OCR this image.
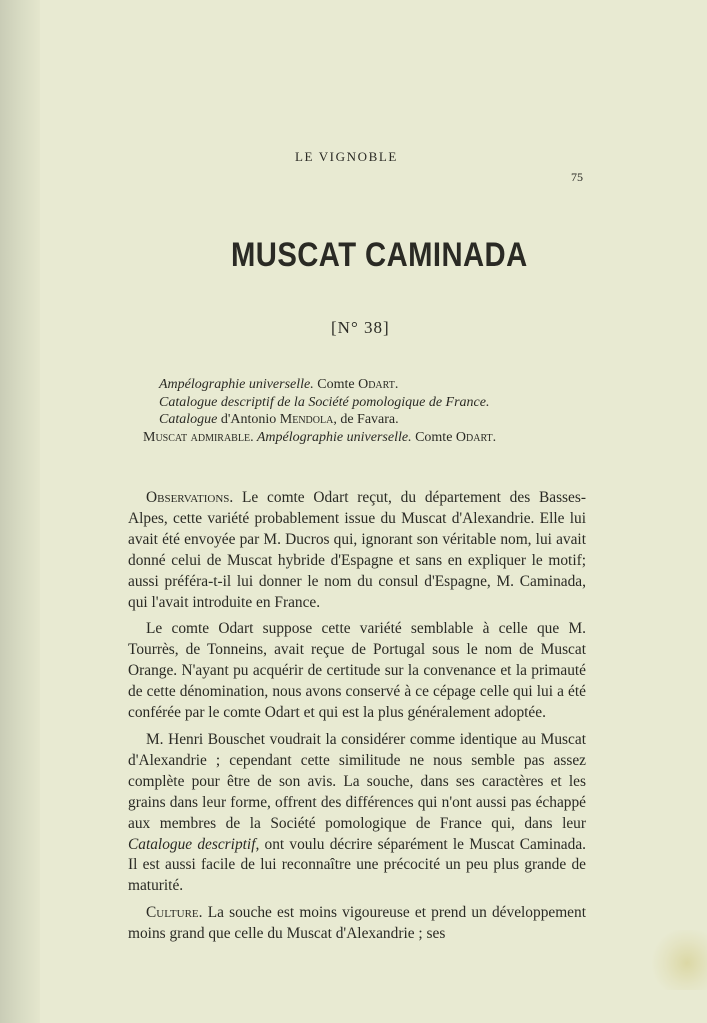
LE VIGNOBLE
75
MUSCAT CAMINADA
[N° 38]
Ampélographie universelle. Comte Odart.
Catalogue descriptif de la Société pomologique de France.
Catalogue d'Antonio Mendola, de Favara.
Muscat admirable. Ampélographie universelle. Comte Odart.

Observations. Le comte Odart reçut, du département des Basses-Alpes, cette variété probablement issue du Muscat d'Alexandrie. Elle lui avait été envoyée par M. Ducros qui, ignorant son véritable nom, lui avait donné celui de Muscat hybride d'Espagne et sans en expliquer le motif; aussi préféra-t-il lui donner le nom du consul d'Espagne, M. Caminada, qui l'avait introduite en France.

Le comte Odart suppose cette variété semblable à celle que M. Tourrès, de Tonneins, avait reçue de Portugal sous le nom de Muscat Orange. N'ayant pu acquérir de certitude sur la convenance et la primauté de cette dénomination, nous avons conservé à ce cépage celle qui lui a été conférée par le comte Odart et qui est la plus généralement adoptée.

M. Henri Bouschet voudrait la considérer comme identique au Muscat d'Alexandrie ; cependant cette similitude ne nous semble pas assez complète pour être de son avis. La souche, dans ses caractères et les grains dans leur forme, offrent des différences qui n'ont aussi pas échappé aux membres de la Société pomologique de France qui, dans leur Catalogue descriptif, ont voulu décrire séparément le Muscat Caminada. Il est aussi facile de lui reconnaître une précocité un peu plus grande de maturité.

Culture. La souche est moins vigoureuse et prend un développement moins grand que celle du Muscat d'Alexandrie ; ses
